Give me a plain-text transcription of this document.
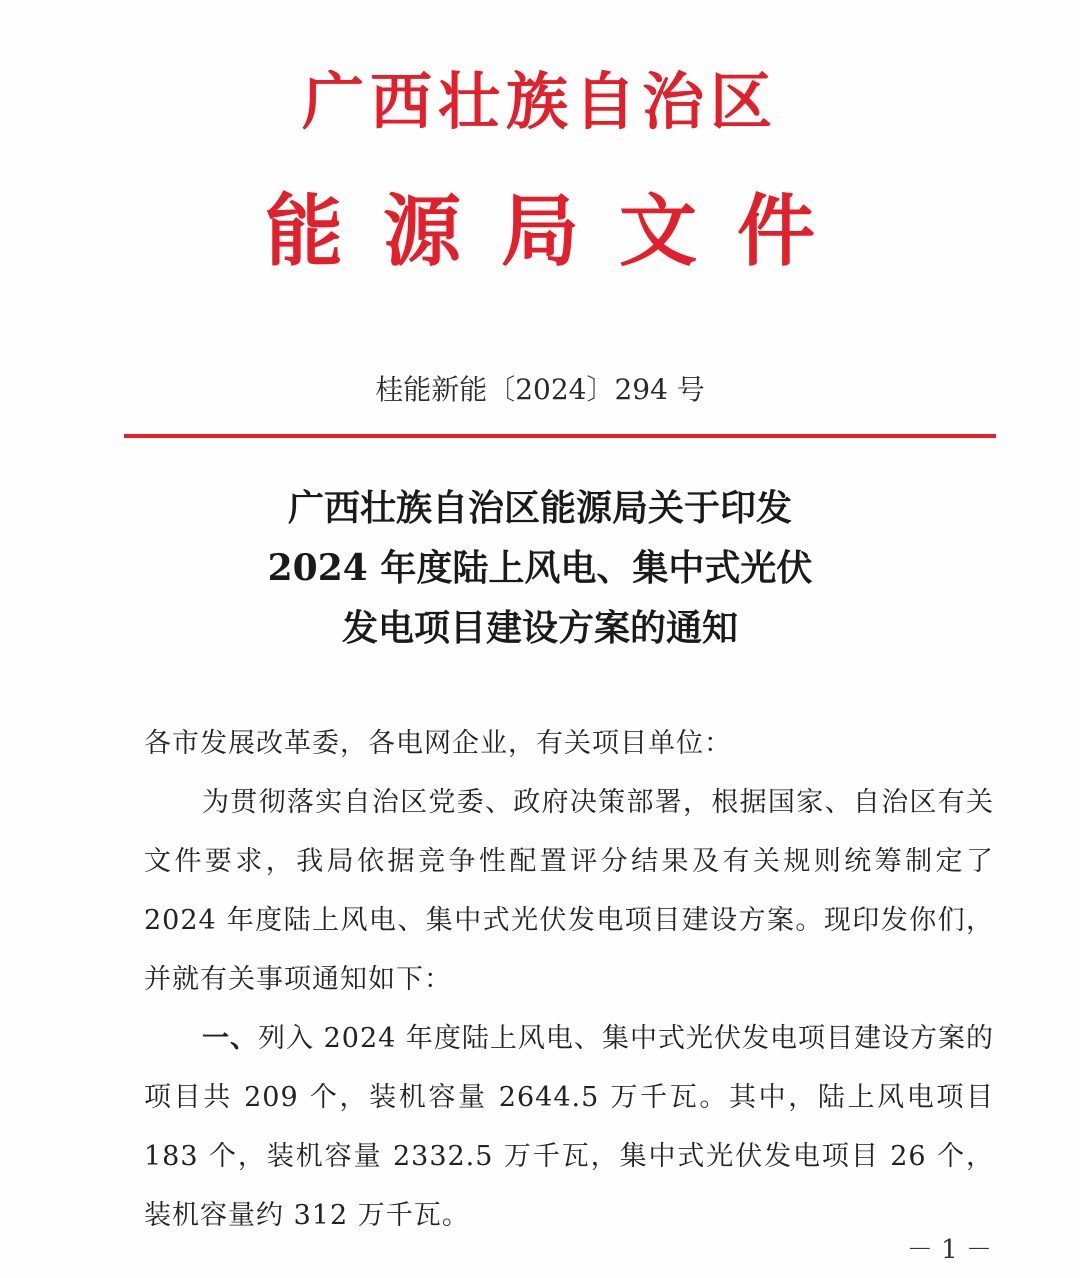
广西壮族自治区
能源局文件
桂能新能〔2024〕294 号
广西壮族自治区能源局关于印发
2024 年度陆上风电、集中式光伏
发电项目建设方案的通知

各市发展改革委，各电网企业，有关项目单位：

为贯彻落实自治区党委、政府决策部署，根据国家、自治区有关文件要求，我局依据竞争性配置评分结果及有关规则统筹制定了 2024 年度陆上风电、集中式光伏发电项目建设方案。现印发你们，并就有关事项通知如下：

一、列入 2024 年度陆上风电、集中式光伏发电项目建设方案的项目共 209 个，装机容量 2644.5 万千瓦。其中，陆上风电项目 183 个，装机容量 2332.5 万千瓦，集中式光伏发电项目 26 个，装机容量约 312 万千瓦。

－ 1 －
